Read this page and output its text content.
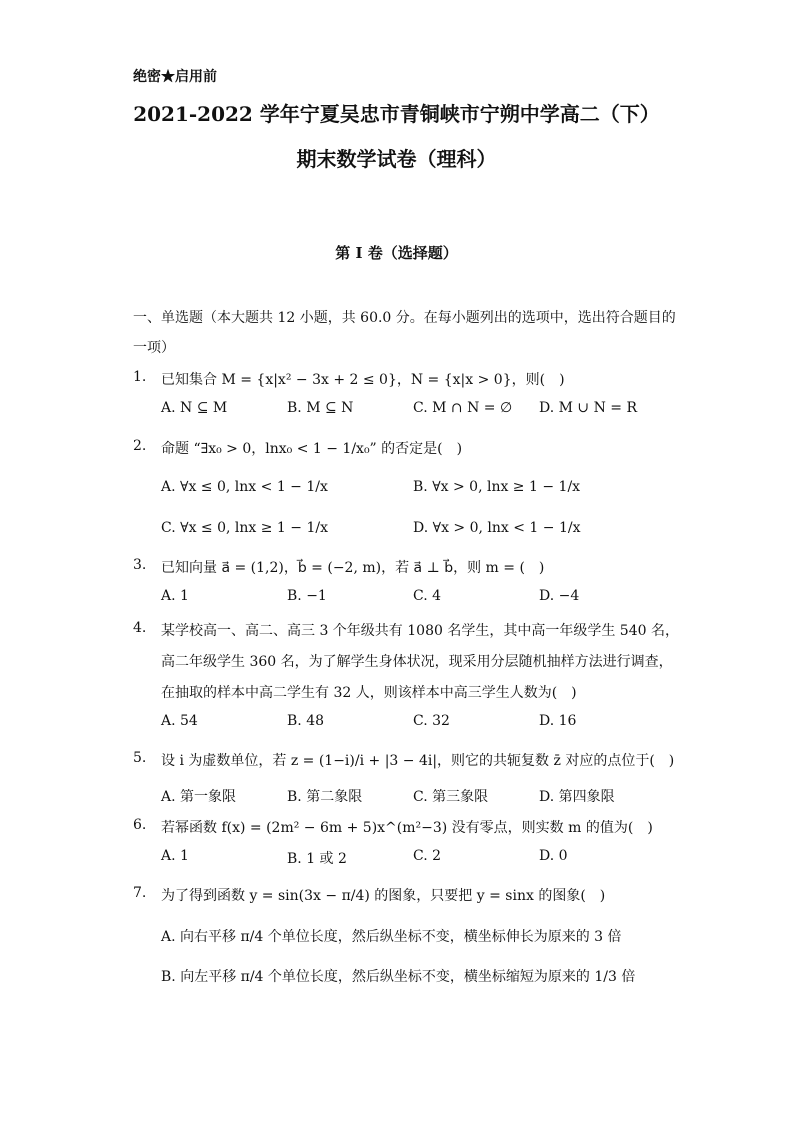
绝密★启用前
2021-2022 学年宁夏吴忠市青铜峡市宁朔中学高二（下）
期末数学试卷（理科）
第 I 卷（选择题）
一、单选题（本大题共 12 小题，共 60.0 分。在每小题列出的选项中，选出符合题目的
一项）
1. 已知集合 M = {x|x² − 3x + 2 ≤ 0}，N = {x|x > 0}，则(　)
A. N ⊆ M	B. M ⊆ N	C. M ∩ N = ∅ D. M ∪ N = R
2. 命题 “∃x₀ > 0，lnx₀ < 1 − 1/x₀” 的否定是(　)
A. ∀x ≤ 0, lnx < 1 − 1/x	B. ∀x > 0, lnx ≥ 1 − 1/x
C. ∀x ≤ 0, lnx ≥ 1 − 1/x	D. ∀x > 0, lnx < 1 − 1/x
3. 已知向量 a⃗ = (1,2)，b⃗ = (−2, m)，若 a⃗ ⊥ b⃗，则 m = (　)
A. 1	B. −1	C. 4	D. −4
4. 某学校高一、高二、高三 3 个年级共有 1080 名学生，其中高一年级学生 540 名，
高二年级学生 360 名，为了解学生身体状况，现采用分层随机抽样方法进行调查，
在抽取的样本中高二学生有 32 人，则该样本中高三学生人数为(　)
A. 54	B. 48	C. 32	D. 16
5. 设 i 为虚数单位，若 z = (1−i)/i + |3 − 4i|，则它的共轭复数 z̄ 对应的点位于(　)
A. 第一象限	B. 第二象限	C. 第三象限	D. 第四象限
6. 若幂函数 f(x) = (2m² − 6m + 5)x^(m²−3) 没有零点，则实数 m 的值为(　)
A. 1	B. 1 或 2	C. 2	D. 0
7. 为了得到函数 y = sin(3x − π/4) 的图象，只要把 y = sinx 的图象(　)
A. 向右平移 π/4 个单位长度，然后纵坐标不变，横坐标伸长为原来的 3 倍
B. 向左平移 π/4 个单位长度，然后纵坐标不变，横坐标缩短为原来的 1/3 倍
